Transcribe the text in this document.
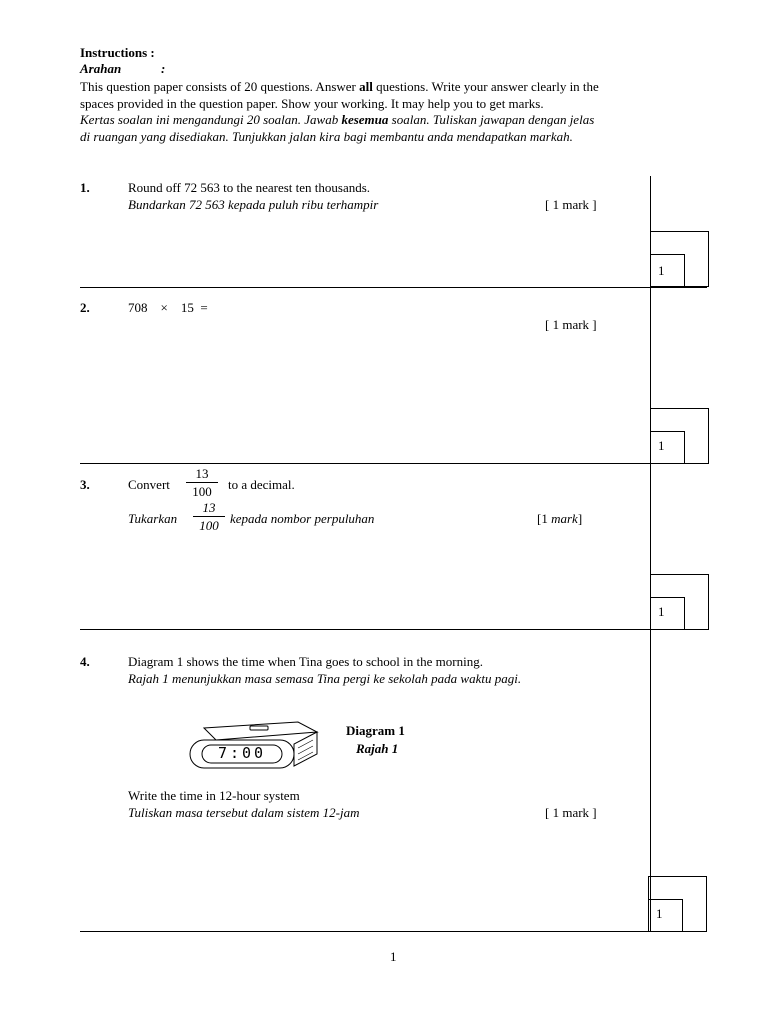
Instructions :
Arahan	:
This question paper consists of 20 questions. Answer all questions. Write your answer clearly in the
spaces provided in the question paper. Show your working. It may help you to get marks.
Kertas soalan ini mengandungi 20 soalan. Jawab kesemua soalan. Tuliskan jawapan dengan jelas
di ruangan yang disediakan. Tunjukkan jalan kira bagi membantu anda mendapatkan markah.
1.	Round off 72 563 to the nearest ten thousands.
Bundarkan 72 563 kepada puluh ribu terhampir	[ 1 mark ]
1
2.	708    ×    15  =
[ 1 mark ]
1
3.	Convert
13
100	to a decimal.
Tukarkan
13
100 kepada nombor perpuluhan	[1 mark]
1
4.	Diagram 1 shows the time when Tina goes to school in the morning.
Rajah 1 menunjukkan masa semasa Tina pergi ke sekolah pada waktu pagi.
7:00
Diagram 1
Rajah 1
Write the time in 12-hour system
Tuliskan masa tersebut dalam sistem 12-jam	[ 1 mark ]
1
1
